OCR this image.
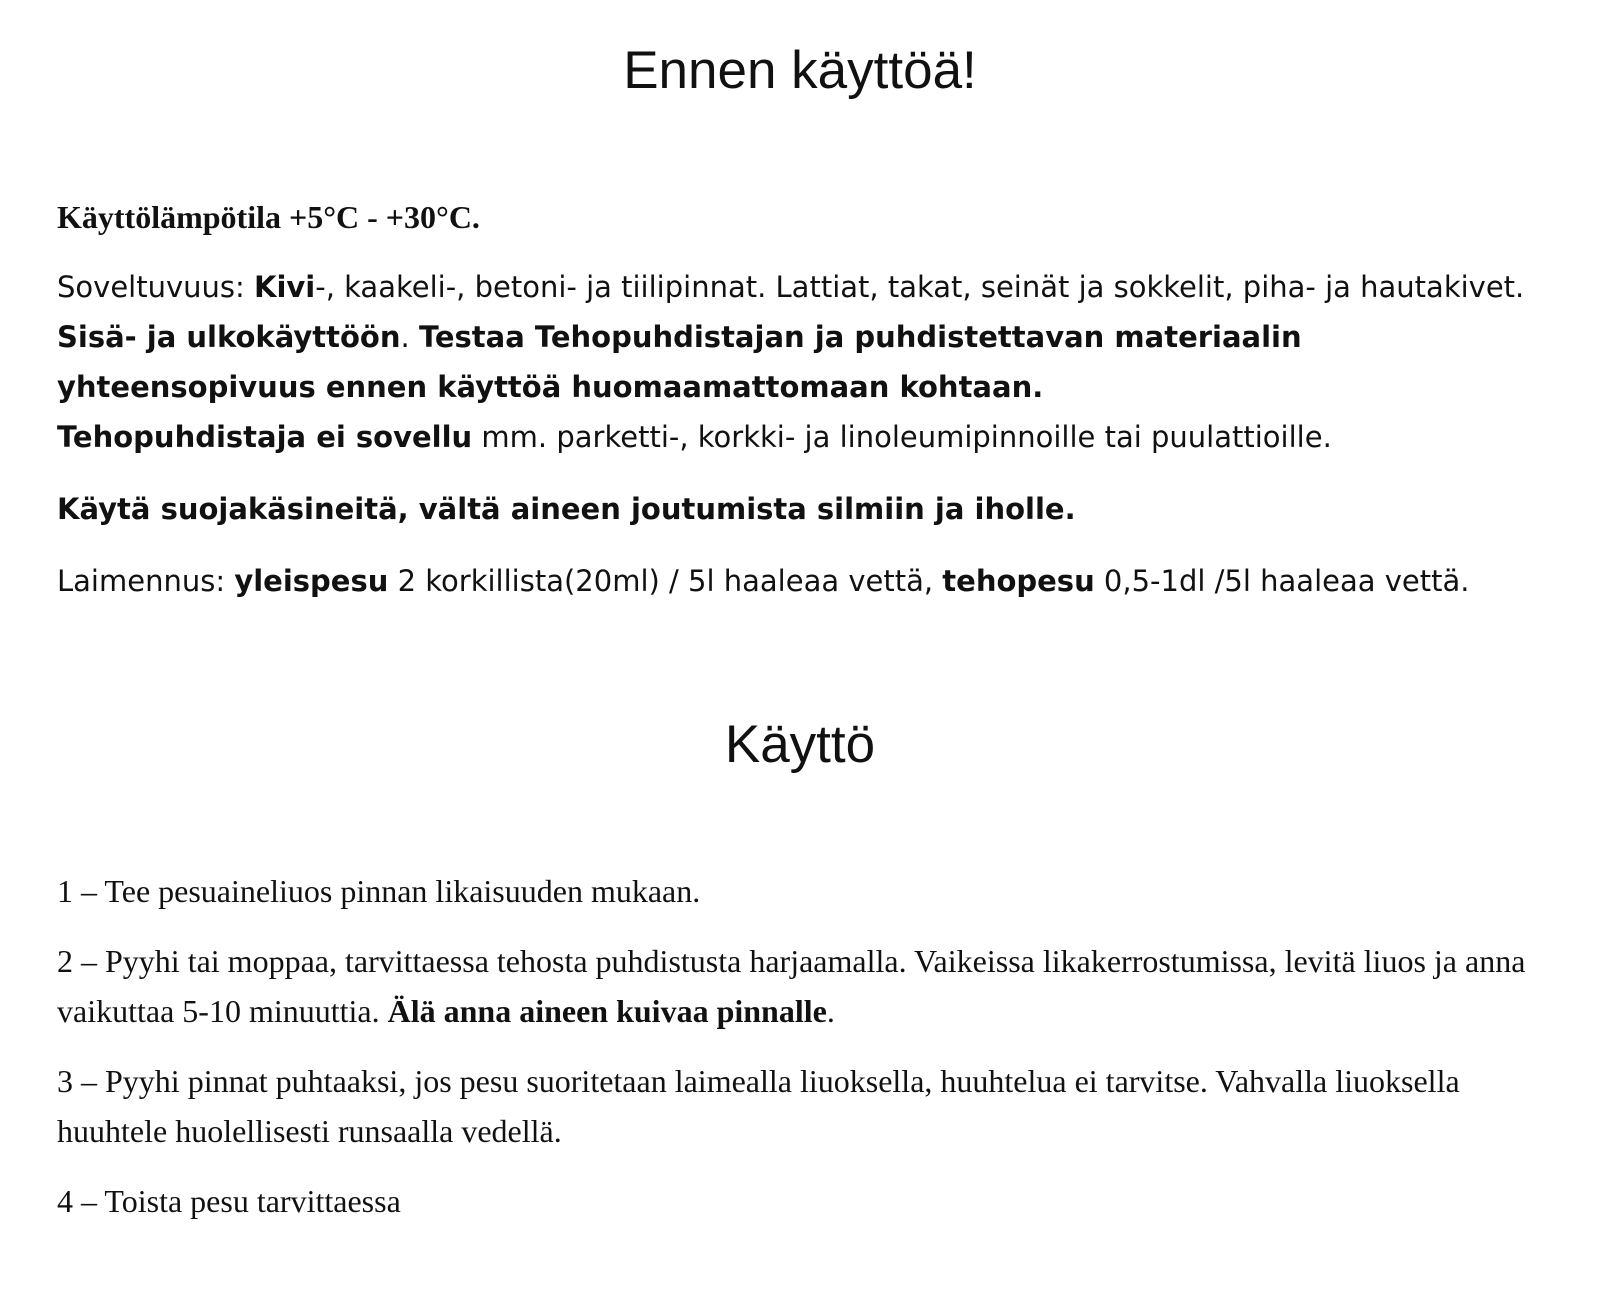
Ennen käyttöä!

Käyttölämpötila +5°C - +30°C.

Soveltuvuus: Kivi-, kaakeli-, betoni- ja tiilipinnat. Lattiat, takat, seinät ja sokkelit, piha- ja hautakivet. Sisä- ja ulkokäyttöön. Testaa Tehopuhdistajan ja puhdistettavan materiaalin yhteensopivuus ennen käyttöä huomaamattomaan kohtaan.
Tehopuhdistaja ei sovellu mm. parketti-, korkki- ja linoleumipinnoille tai puulattioille.

Käytä suojakäsineitä, vältä aineen joutumista silmiin ja iholle.

Laimennus: yleispesu 2 korkillista(20ml) / 5l haaleaa vettä, tehopesu 0,5-1dl /5l haaleaa vettä.

Käyttö

1 – Tee pesuaineliuos pinnan likaisuuden mukaan.

2 – Pyyhi tai moppaa, tarvittaessa tehosta puhdistusta harjaamalla. Vaikeissa likakerrostumissa, levitä liuos ja anna vaikuttaa 5-10 minuuttia. Älä anna aineen kuivaa pinnalle.

3 – Pyyhi pinnat puhtaaksi, jos pesu suoritetaan laimealla liuoksella, huuhtelua ei tarvitse. Vahvalla liuoksella huuhtele huolellisesti runsaalla vedellä.

4 – Toista pesu tarvittaessa
